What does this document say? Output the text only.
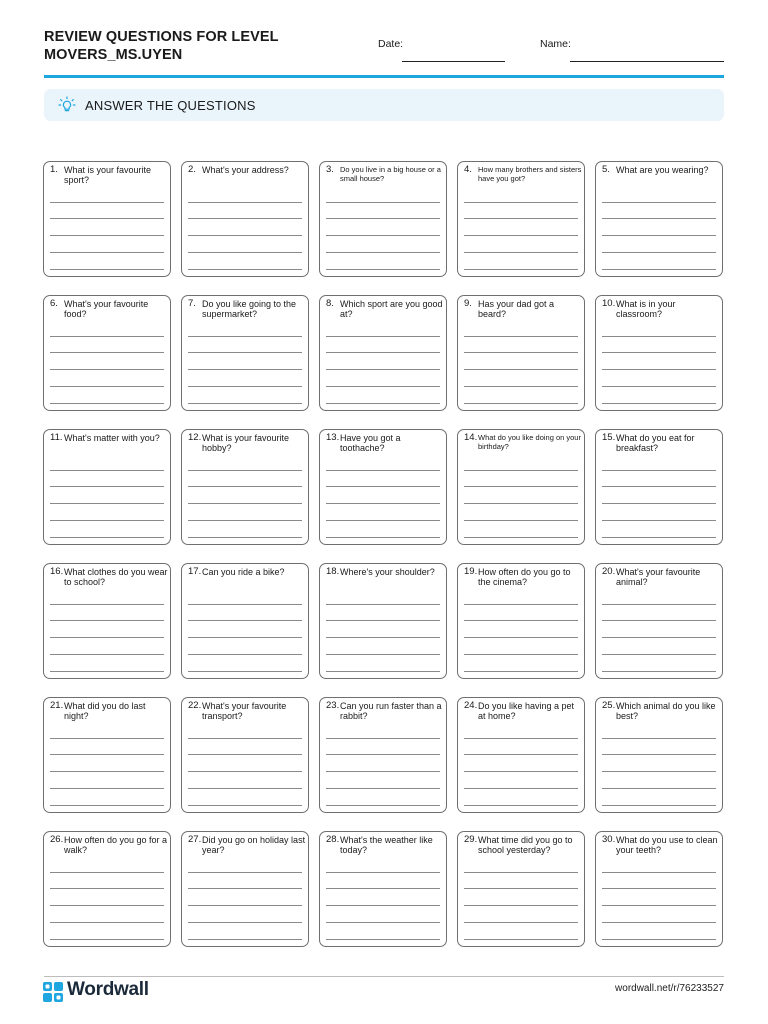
REVIEW QUESTIONS FOR LEVEL MOVERS_MS.UYEN
Date:	Name:
ANSWER THE QUESTIONS
1. What is your favourite sport?
2. What's your address?	3. Do you live in a big house or a small house?
4. How many brothers and sisters have you got?
5. What are you wearing?
6. What's your favourite food?
7. Do you like going to the supermarket?
8. Which sport are you good at?
9. Has your dad got a beard?
10. What is in your classroom?
11. What's matter with you?	12. What is your favourite hobby?
13. Have you got a toothache?
14. What do you like doing on your birthday?
15. What do you eat for breakfast?
16. What clothes do you wear to school?
17. Can you ride a bike?	18. Where's your shoulder?	19. How often do you go to the cinema?
20. What's your favourite animal?
21. What did you do last night?
22. What's your favourite transport?
23. Can you run faster than a rabbit?
24. Do you like having a pet at home?
25. Which animal do you like best?
26. How often do you go for a walk?
27. Did you go on holiday last year?
28. What's the weather like today?
29. What time did you go to school yesterday?
30. What do you use to clean your teeth?
Wordwall	wordwall.net/r/76233527
